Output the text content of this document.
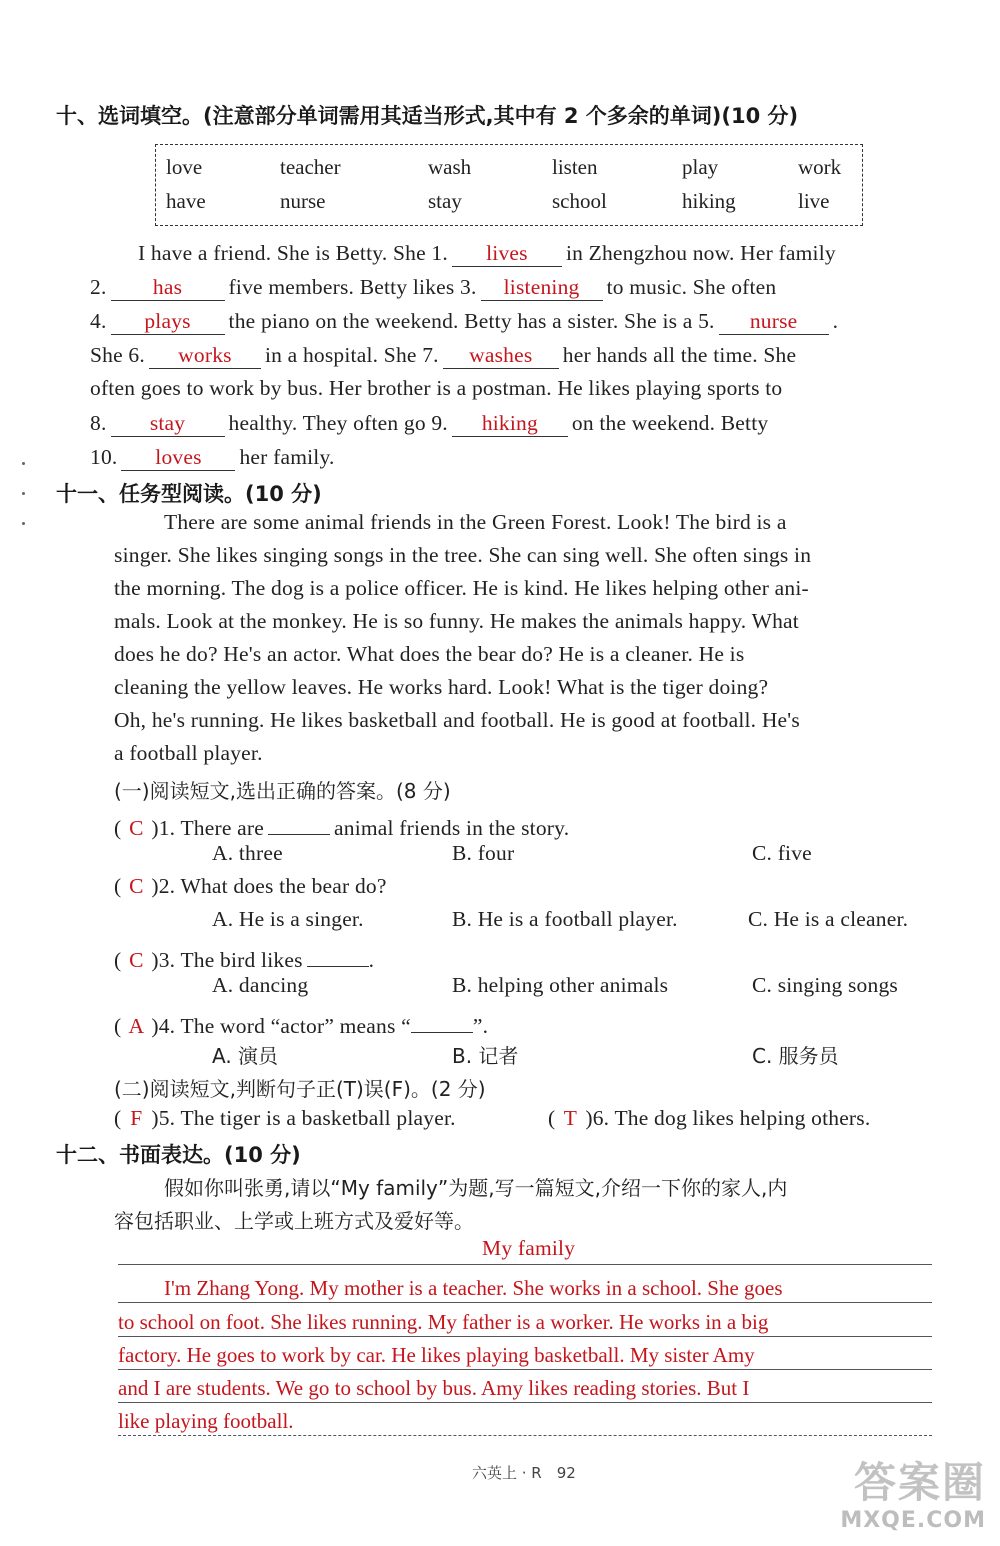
十、选词填空。(注意部分单词需用其适当形式,其中有 2 个多余的单词)(10 分)
love	teacher	wash	listen	play	work
have	nurse	stay	school	hiking	live
I have a friend. She is Betty. She 1. lives in Zhengzhou now. Her family
2. has five members. Betty likes 3. listening to music. She often
4. plays the piano on the weekend. Betty has a sister. She is a 5. nurse .
She 6. works in a hospital. She 7. washes her hands all the time. She
often goes to work by bus. Her brother is a postman. He likes playing sports to
8. stay healthy. They often go 9. hiking on the weekend. Betty
10. loves her family.
十一、任务型阅读。(10 分)
There are some animal friends in the Green Forest. Look! The bird is a
singer. She likes singing songs in the tree. She can sing well. She often sings in
the morning. The dog is a police officer. He is kind. He likes helping other ani-
mals. Look at the monkey. He is so funny. He makes the animals happy. What
does he do? He's an actor. What does the bear do? He is a cleaner. He is
cleaning the yellow leaves. He works hard. Look! What is the tiger doing?
Oh, he's running. He likes basketball and football. He is good at football. He's
a football player.
(一)阅读短文,选出正确的答案。(8 分)
( C )1. There are	animal friends in the story.
A. three	B. four	C. five
( C )2. What does the bear do?
A. He is a singer.	B. He is a football player.	C. He is a cleaner.
( C )3. The bird likes	.
A. dancing	B. helping other animals	C. singing songs
( A )4. The word “actor” means “	”.
A. 演员	B. 记者	C. 服务员
(二)阅读短文,判断句子正(T)误(F)。(2 分)
( F )5. The tiger is a basketball player.	( T )6. The dog likes helping others.
十二、书面表达。(10 分)
假如你叫张勇,请以“My family”为题,写一篇短文,介绍一下你的家人,内
容包括职业、上学或上班方式及爱好等。
My family
I'm Zhang Yong. My mother is a teacher. She works in a school. She goes
to school on foot. She likes running. My father is a worker. He works in a big
factory. He goes to work by car. He likes playing basketball. My sister Amy
and I are students. We go to school by bus. Amy likes reading stories. But I
like playing football.
六英上 · R　92	答案圈
MXQE.COM
